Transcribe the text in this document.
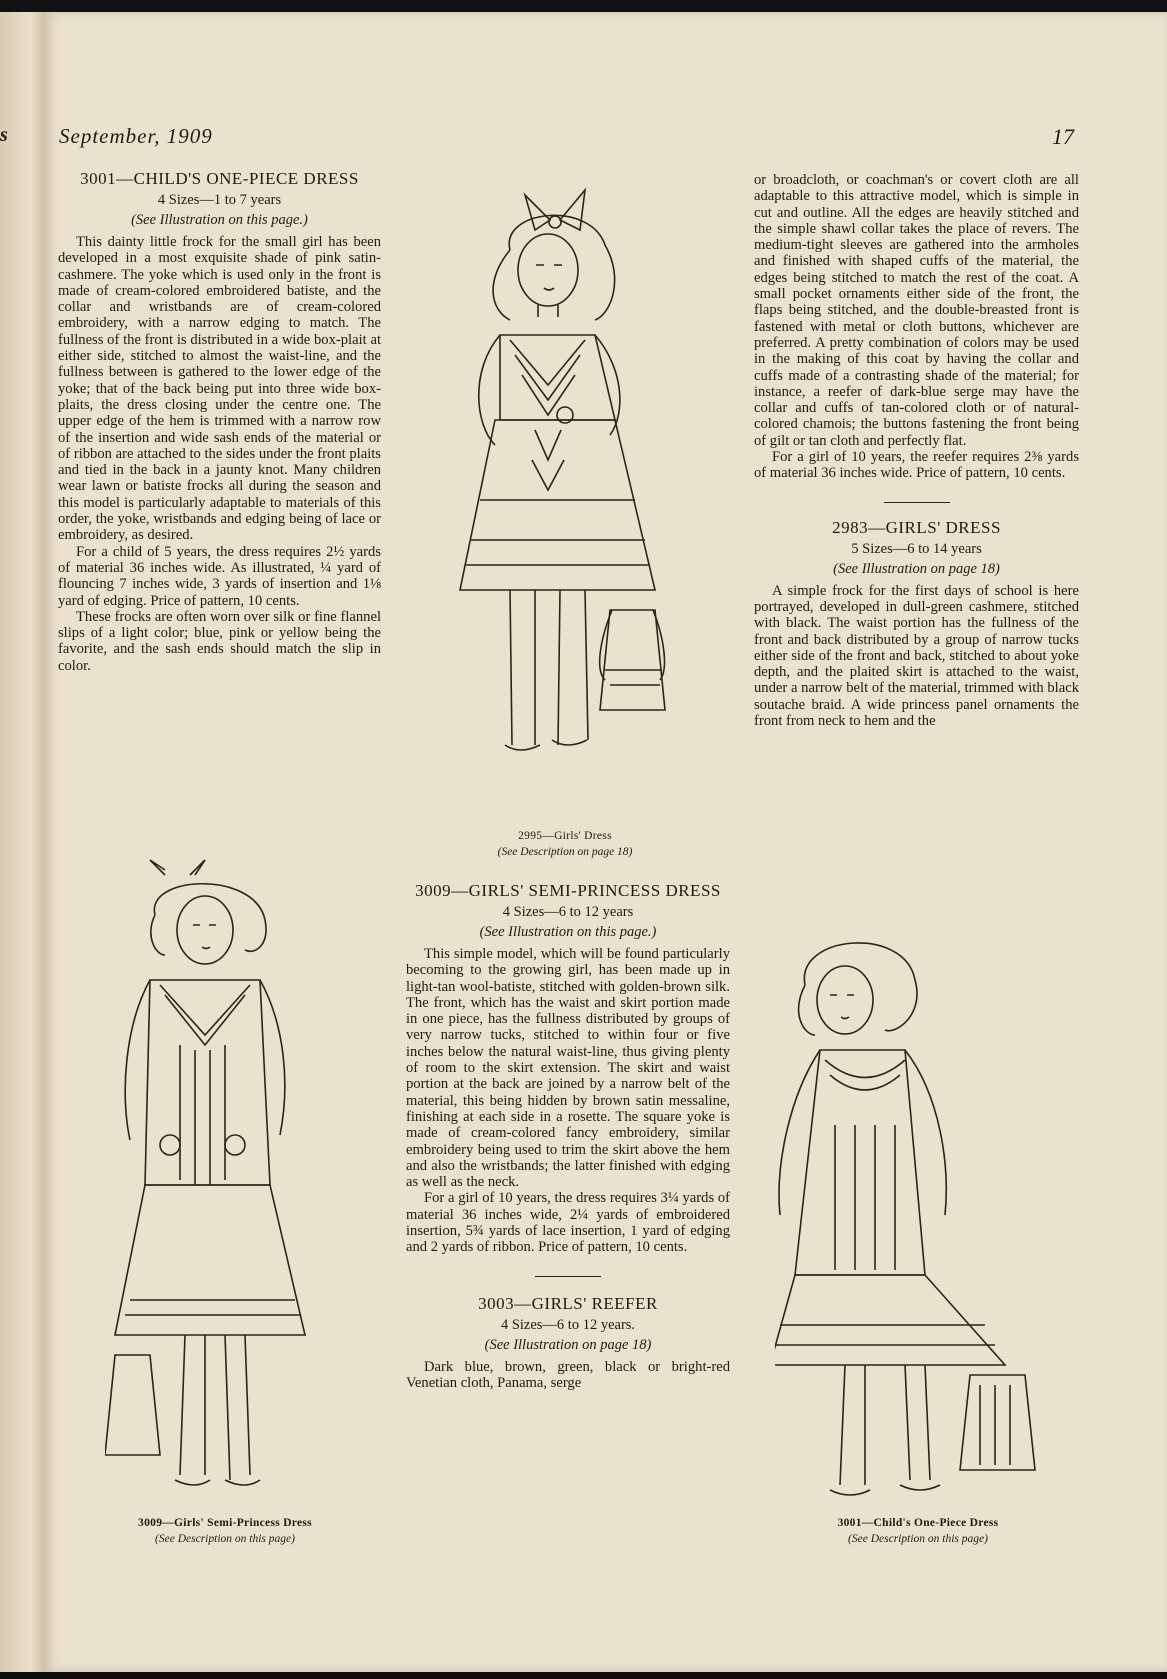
s September, 1909	17
3001—CHILD'S ONE-PIECE DRESS
4 Sizes—1 to 7 years
(See Illustration on this page.)

This dainty little frock for the small girl has been developed in a most exquisite shade of pink satin-cashmere. The yoke which is used only in the front is made of cream-colored embroidered batiste, and the collar and wristbands are of cream-colored embroidery, with a narrow edging to match. The fullness of the front is distributed in a wide box-plait at either side, stitched to almost the waist-line, and the fullness between is gathered to the lower edge of the yoke; that of the back being put into three wide box-plaits, the dress closing under the centre one. The upper edge of the hem is trimmed with a narrow row of the insertion and wide sash ends of the material or of ribbon are attached to the sides under the front plaits and tied in the back in a jaunty knot. Many children wear lawn or batiste frocks all during the season and this model is particularly adaptable to materials of this order, the yoke, wristbands and edging being of lace or embroidery, as desired.

For a child of 5 years, the dress requires 2½ yards of material 36 inches wide. As illustrated, ¼ yard of flouncing 7 inches wide, 3 yards of insertion and 1⅛ yard of edging. Price of pattern, 10 cents.

These frocks are often worn over silk or fine flannel slips of a light color; blue, pink or yellow being the favorite, and the sash ends should match the slip in color.

3009—GIRLS' SEMI-PRINCESS DRESS
4 Sizes—6 to 12 years
(See Illustration on this page.)

This simple model, which will be found particularly becoming to the growing girl, has been made up in light-tan wool-batiste, stitched with golden-brown silk. The front, which has the waist and skirt portion made in one piece, has the fullness distributed by groups of very narrow tucks, stitched to within four or five inches below the natural waist-line, thus giving plenty of room to the skirt extension. The skirt and waist portion at the back are joined by a narrow belt of the material, this being hidden by brown satin messaline, finishing at each side in a rosette. The square yoke is made of cream-colored fancy embroidery, similar embroidery being used to trim the skirt above the hem and also the wristbands; the latter finished with edging as well as the neck.

For a girl of 10 years, the dress requires 3¼ yards of material 36 inches wide, 2¼ yards of embroidered insertion, 5¾ yards of lace insertion, 1 yard of edging and 2 yards of ribbon. Price of pattern, 10 cents.

3003—GIRLS' REEFER
4 Sizes—6 to 12 years.
(See Illustration on page 18)

Dark blue, brown, green, black or bright-red Venetian cloth, Panama, serge

or broadcloth, or coachman's or covert cloth are all adaptable to this attractive model, which is simple in cut and outline. All the edges are heavily stitched and the simple shawl collar takes the place of revers. The medium-tight sleeves are gathered into the armholes and finished with shaped cuffs of the material, the edges being stitched to match the rest of the coat. A small pocket ornaments either side of the front, the flaps being stitched, and the double-breasted front is fastened with metal or cloth buttons, whichever are preferred. A pretty combination of colors may be used in the making of this coat by having the collar and cuffs made of a contrasting shade of the material; for instance, a reefer of dark-blue serge may have the collar and cuffs of tan-colored cloth or of natural-colored chamois; the buttons fastening the front being of gilt or tan cloth and perfectly flat.

For a girl of 10 years, the reefer requires 2⅜ yards of material 36 inches wide. Price of pattern, 10 cents.

2983—GIRLS' DRESS
5 Sizes—6 to 14 years
(See Illustration on page 18)

A simple frock for the first days of school is here portrayed, developed in dull-green cashmere, stitched with black. The waist portion has the fullness of the front and back distributed by a group of narrow tucks either side of the front and back, stitched to about yoke depth, and the plaited skirt is attached to the waist, under a narrow belt of the material, trimmed with black soutache braid. A wide princess panel ornaments the front from neck to hem and the

2995—Girls' Dress
(See Description on page 18)
3009—Girls' Semi-Princess Dress
(See Description on this page)
3001—Child's One-Piece Dress
(See Description on this page)
